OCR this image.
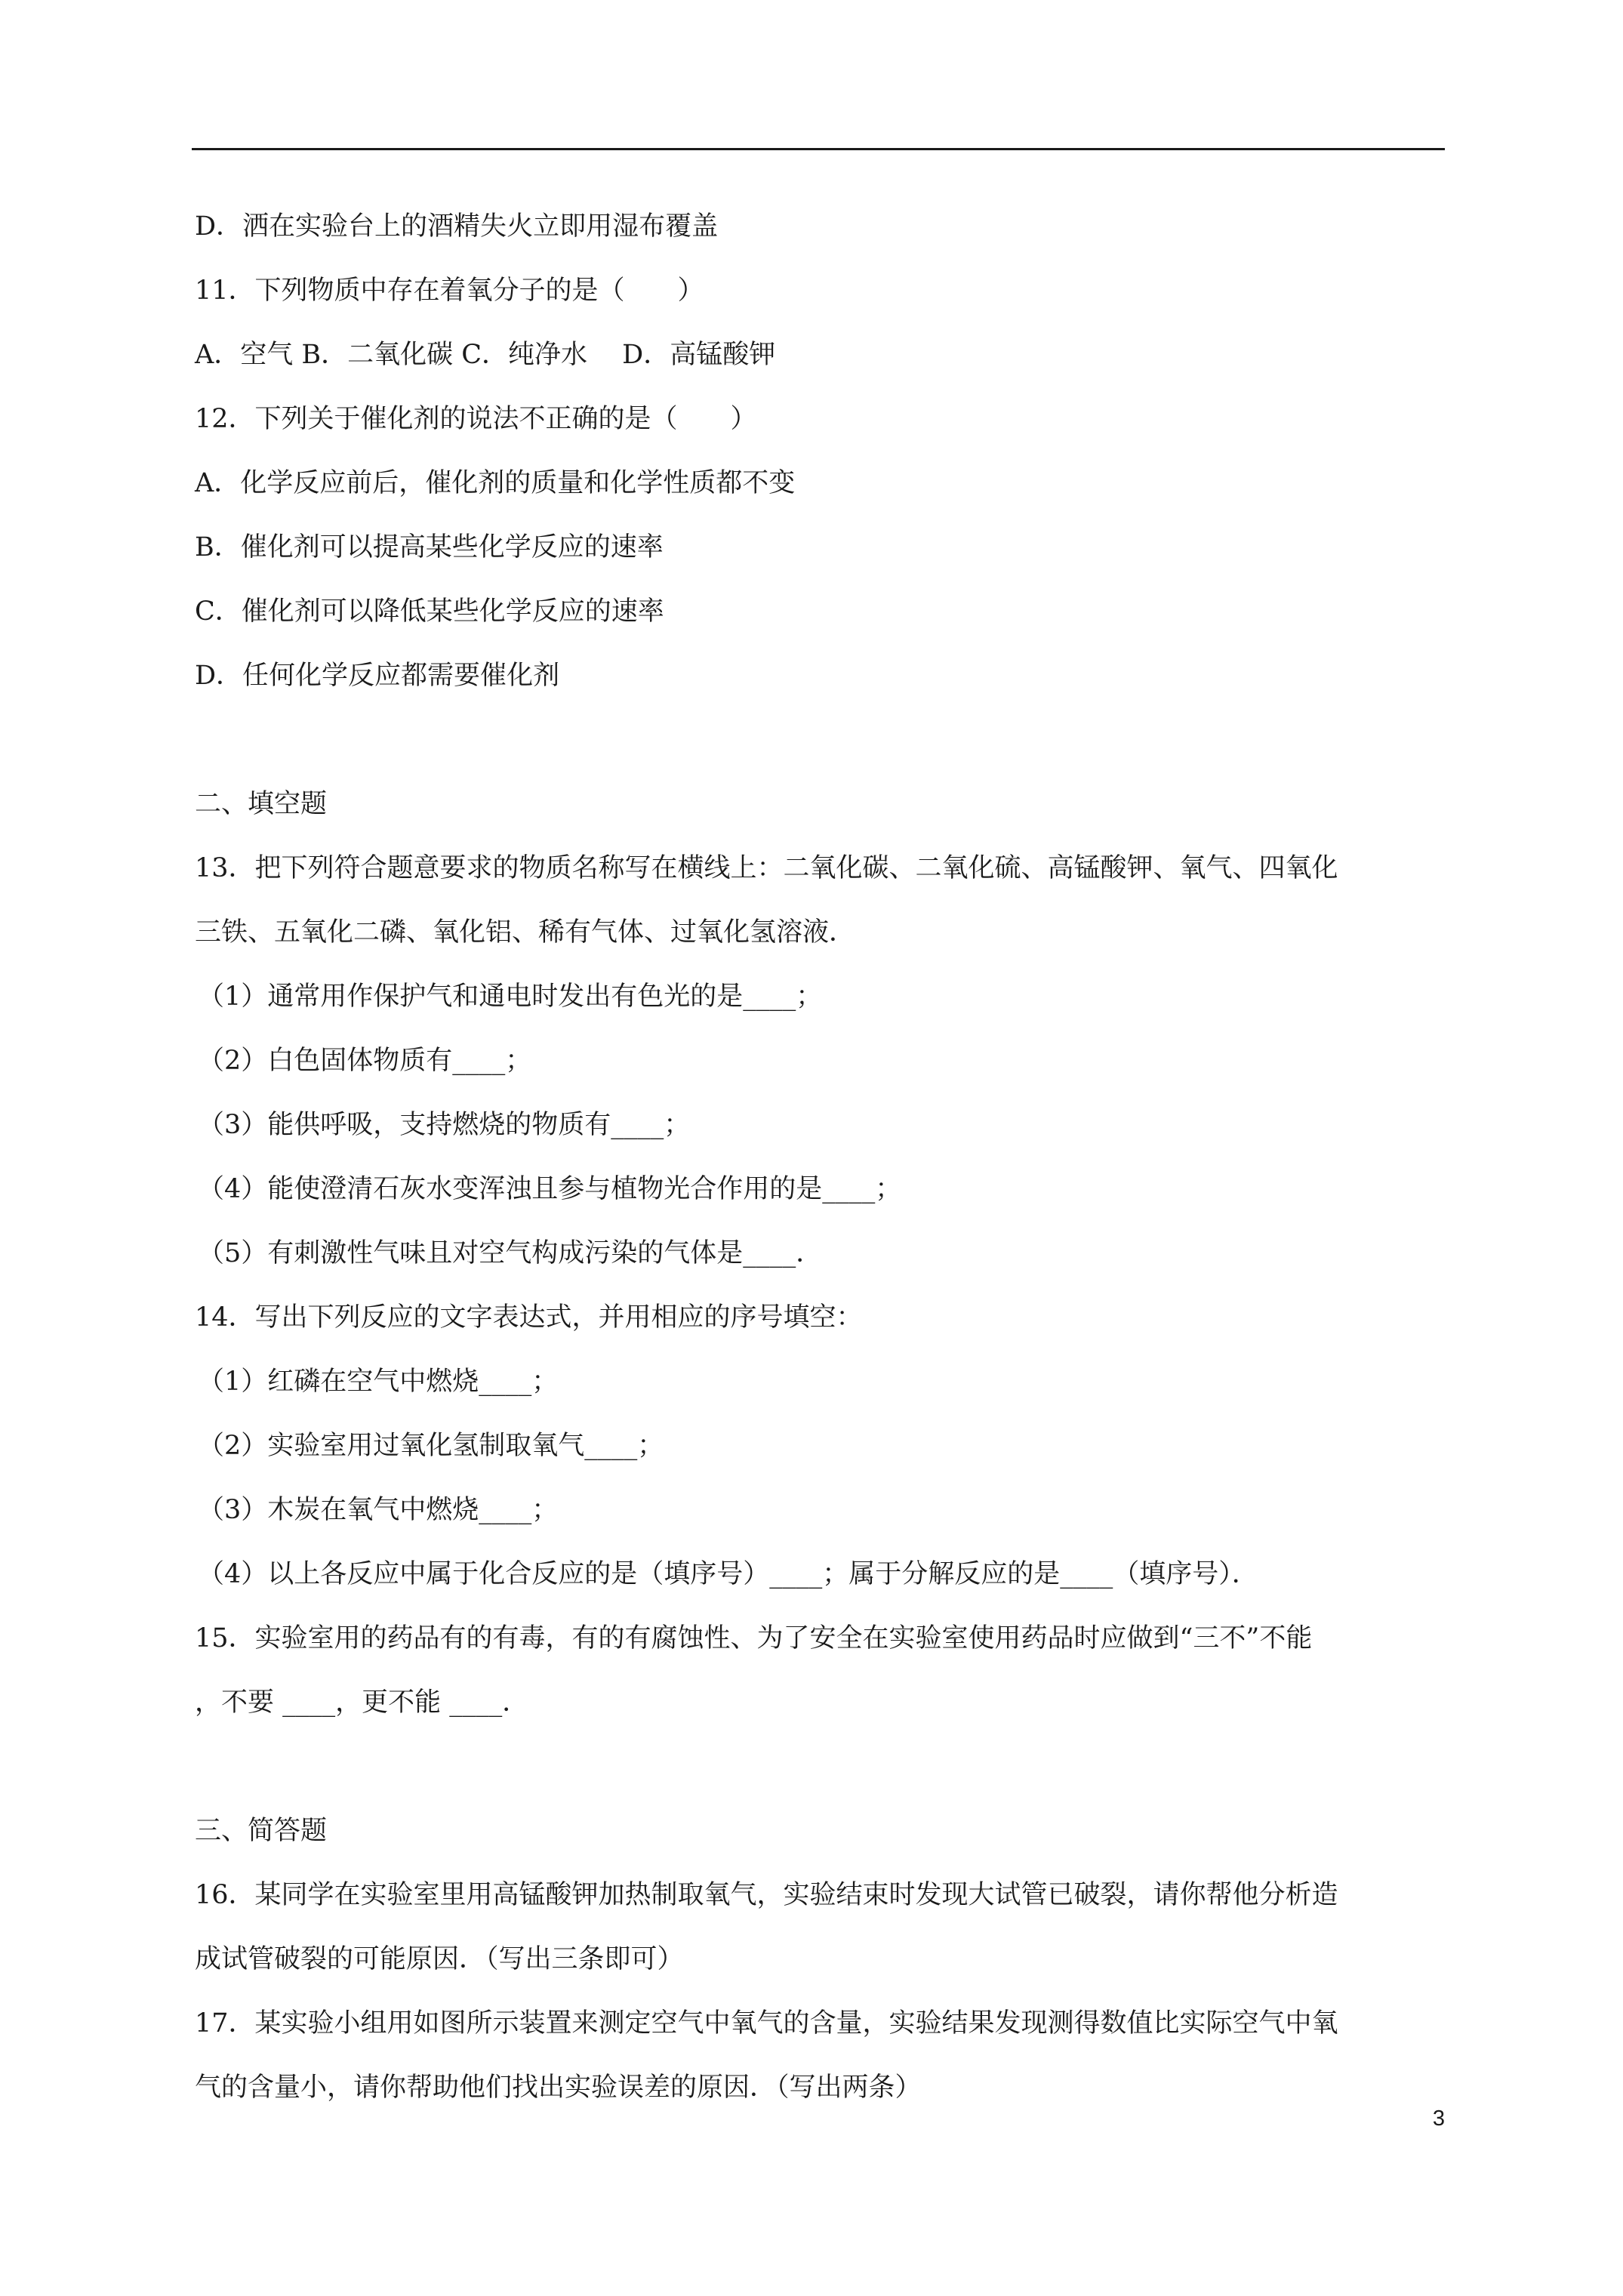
D．洒在实验台上的酒精失火立即用湿布覆盖
11．下列物质中存在着氧分子的是（　　）
A．空气 B．二氧化碳 C．纯净水　 D．高锰酸钾
12．下列关于催化剂的说法不正确的是（　　）
A．化学反应前后，催化剂的质量和化学性质都不变
B．催化剂可以提高某些化学反应的速率
C．催化剂可以降低某些化学反应的速率
D．任何化学反应都需要催化剂
二、填空题
13．把下列符合题意要求的物质名称写在横线上：二氧化碳、二氧化硫、高锰酸钾、氧气、四氧化
三铁、五氧化二磷、氧化铝、稀有气体、过氧化氢溶液．
（1）通常用作保护气和通电时发出有色光的是____；
（2）白色固体物质有____；
（3）能供呼吸，支持燃烧的物质有____；
（4）能使澄清石灰水变浑浊且参与植物光合作用的是____；
（5）有刺激性气味且对空气构成污染的气体是____．
14．写出下列反应的文字表达式，并用相应的序号填空：
（1）红磷在空气中燃烧____；
（2）实验室用过氧化氢制取氧气____；
（3）木炭在氧气中燃烧____；
（4）以上各反应中属于化合反应的是（填序号）____；属于分解反应的是____（填序号）．
15．实验室用的药品有的有毒，有的有腐蚀性、为了安全在实验室使用药品时应做到“三不”不能
，不要 ____，更不能 ____．
三、简答题
16．某同学在实验室里用高锰酸钾加热制取氧气，实验结束时发现大试管已破裂，请你帮他分析造
成试管破裂的可能原因．（写出三条即可）
17．某实验小组用如图所示装置来测定空气中氧气的含量，实验结果发现测得数值比实际空气中氧
气的含量小，请你帮助他们找出实验误差的原因．（写出两条）
3
